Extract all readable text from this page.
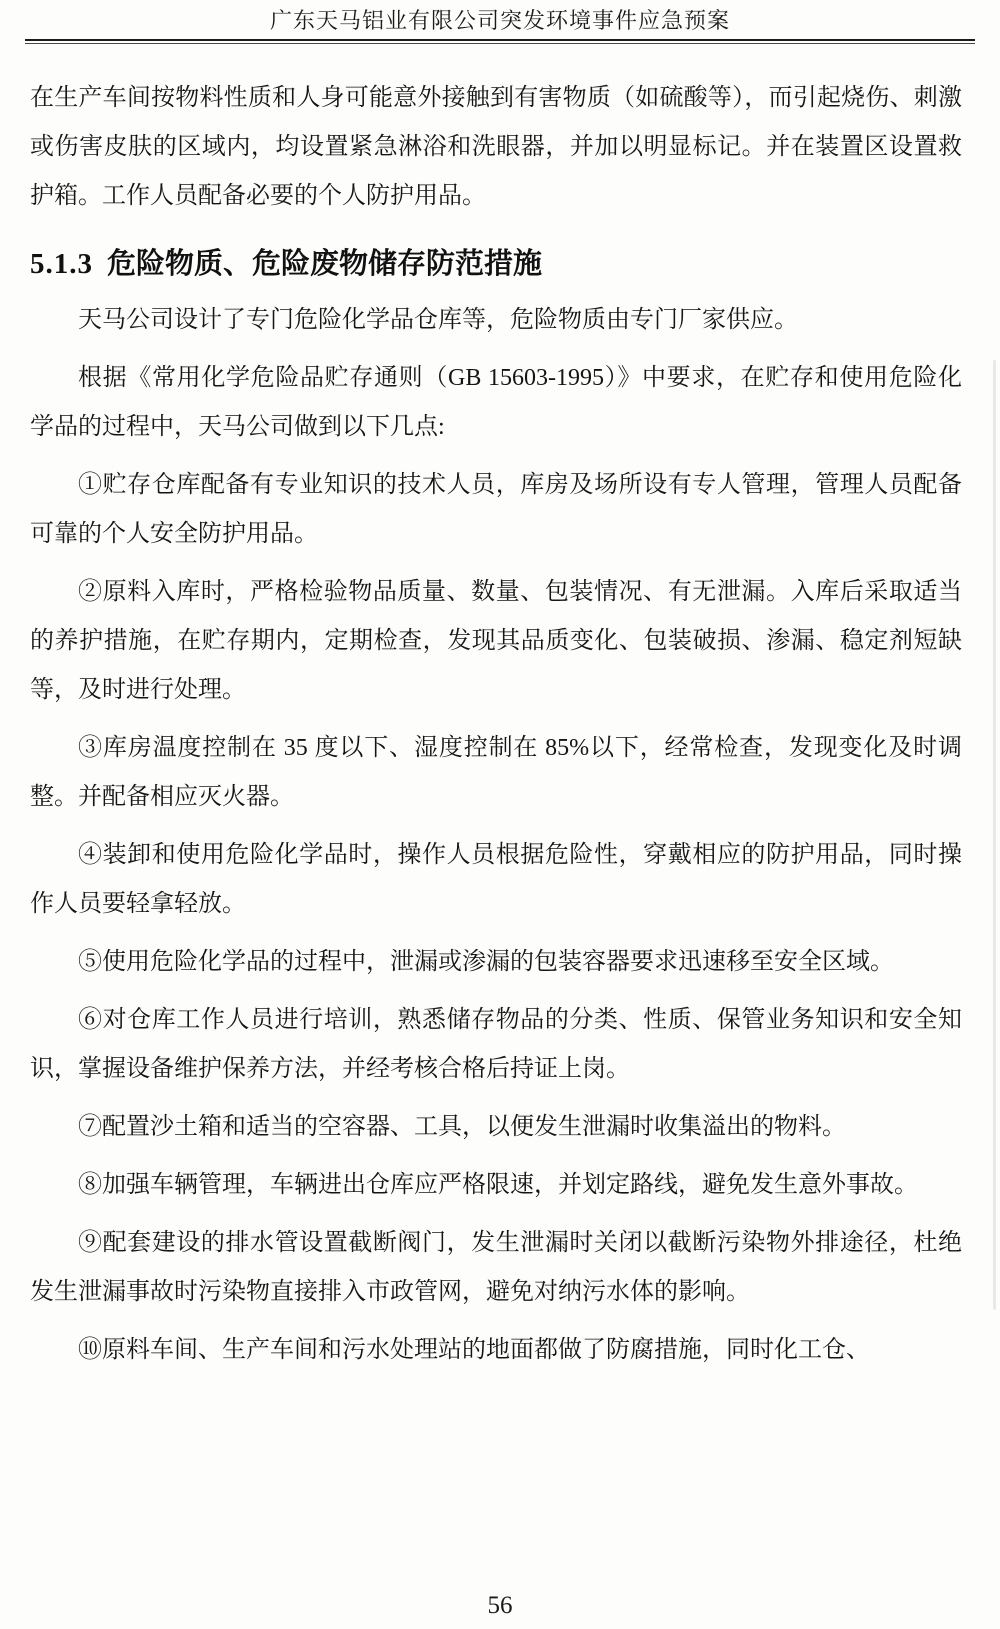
广东天马铝业有限公司突发环境事件应急预案

在生产车间按物料性质和人身可能意外接触到有害物质（如硫酸等），而引起烧伤、刺激或伤害皮肤的区域内，均设置紧急淋浴和洗眼器，并加以明显标记。并在装置区设置救护箱。工作人员配备必要的个人防护用品。

5.1.3 危险物质、危险废物储存防范措施

天马公司设计了专门危险化学品仓库等，危险物质由专门厂家供应。

根据《常用化学危险品贮存通则（GB 15603-1995）》中要求，在贮存和使用危险化学品的过程中，天马公司做到以下几点:

①贮存仓库配备有专业知识的技术人员，库房及场所设有专人管理，管理人员配备可靠的个人安全防护用品。

②原料入库时，严格检验物品质量、数量、包装情况、有无泄漏。入库后采取适当的养护措施，在贮存期内，定期检查，发现其品质变化、包装破损、渗漏、稳定剂短缺等，及时进行处理。

③库房温度控制在 35 度以下、湿度控制在 85%以下，经常检查，发现变化及时调整。并配备相应灭火器。

④装卸和使用危险化学品时，操作人员根据危险性，穿戴相应的防护用品，同时操作人员要轻拿轻放。

⑤使用危险化学品的过程中，泄漏或渗漏的包装容器要求迅速移至安全区域。

⑥对仓库工作人员进行培训，熟悉储存物品的分类、性质、保管业务知识和安全知识，掌握设备维护保养方法，并经考核合格后持证上岗。

⑦配置沙土箱和适当的空容器、工具，以便发生泄漏时收集溢出的物料。

⑧加强车辆管理，车辆进出仓库应严格限速，并划定路线，避免发生意外事故。

⑨配套建设的排水管设置截断阀门，发生泄漏时关闭以截断污染物外排途径，杜绝发生泄漏事故时污染物直接排入市政管网，避免对纳污水体的影响。

⑩原料车间、生产车间和污水处理站的地面都做了防腐措施，同时化工仓、

56
